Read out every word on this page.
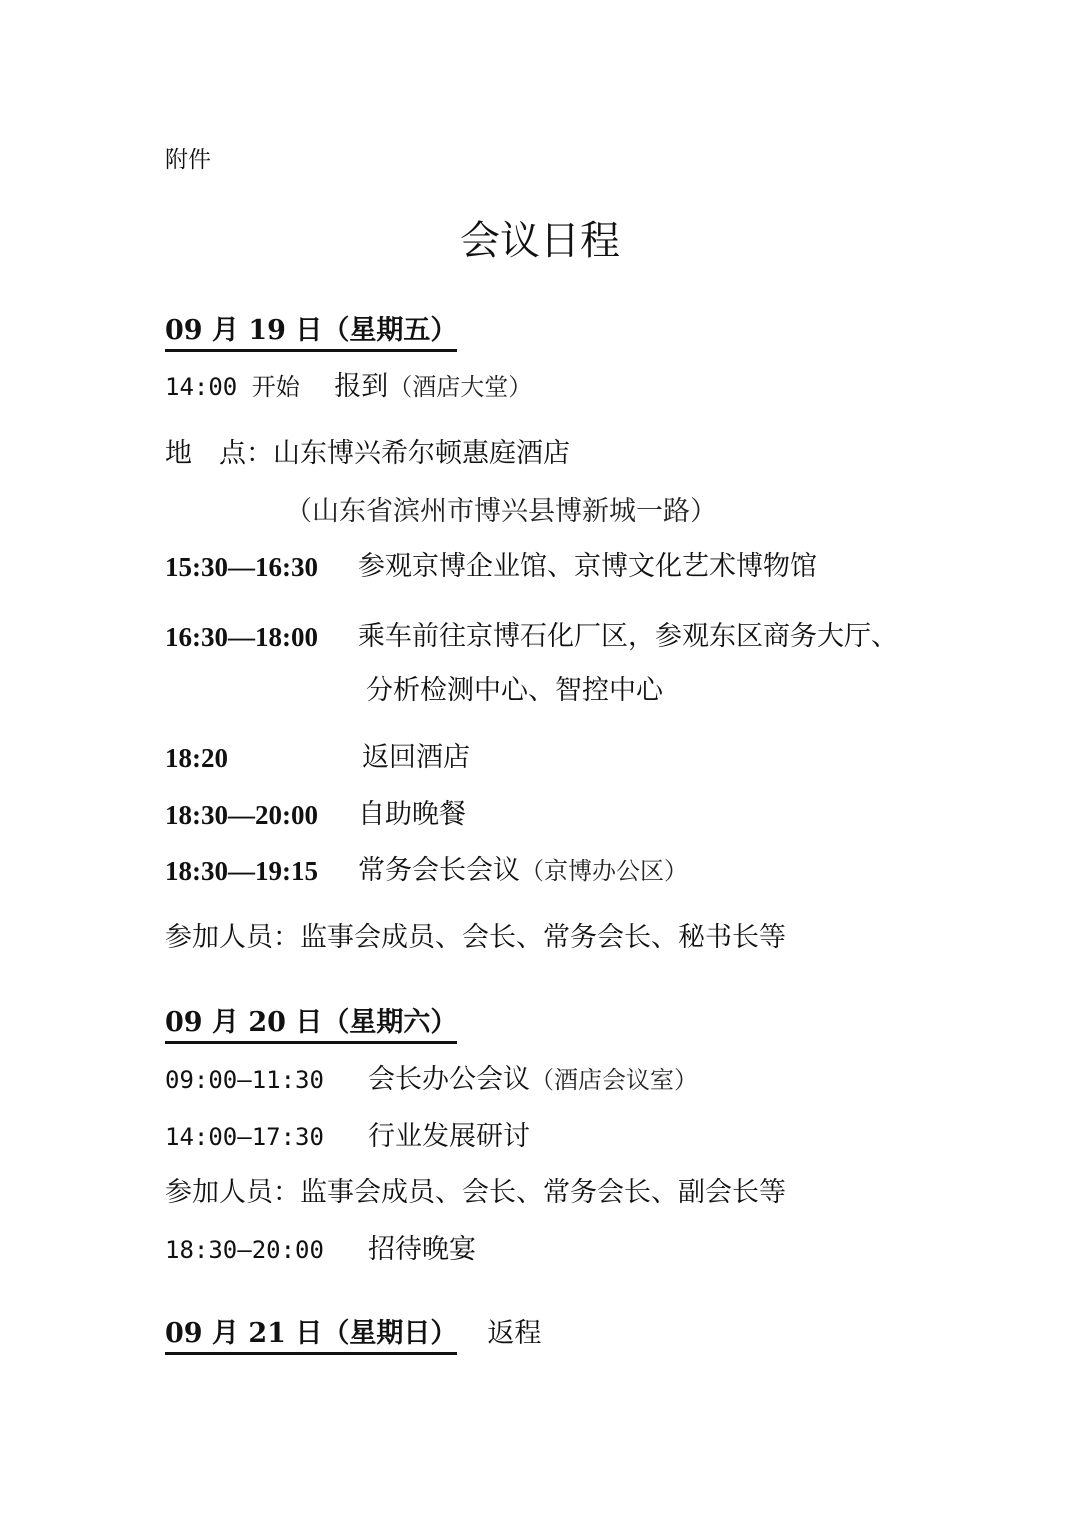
附件
会议日程
09 月 19 日（星期五）
14:00 开始 报到（酒店大堂）
地　点：山东博兴希尔顿惠庭酒店
（山东省滨州市博兴县博新城一路）
15:30—16:30 参观京博企业馆、京博文化艺术博物馆
16:30—18:00 乘车前往京博石化厂区，参观东区商务大厅、
分析检测中心、智控中心
18:20	返回酒店
18:30—20:00 自助晚餐
18:30—19:15 常务会长会议（京博办公区）
参加人员：监事会成员、会长、常务会长、秘书长等
09 月 20 日（星期六）
09:00—11:30 会长办公会议（酒店会议室）
14:00—17:30 行业发展研讨
参加人员：监事会成员、会长、常务会长、副会长等
18:30—20:00 招待晚宴
09 月 21 日（星期日） 返程
